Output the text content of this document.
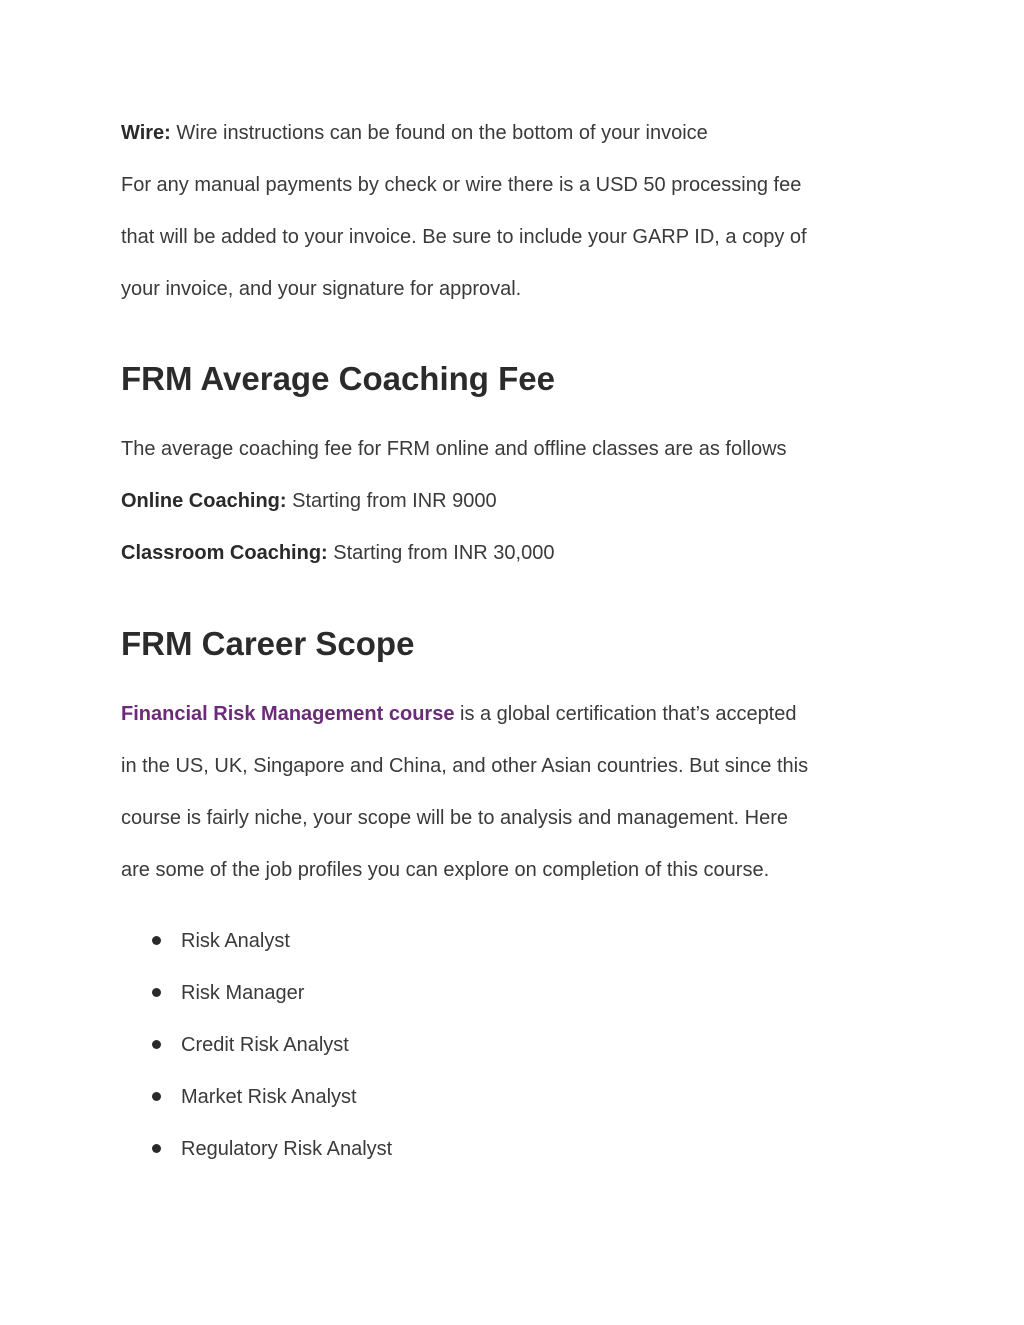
Wire: Wire instructions can be found on the bottom of your invoice

For any manual payments by check or wire there is a USD 50 processing fee

that will be added to your invoice. Be sure to include your GARP ID, a copy of

your invoice, and your signature for approval.

FRM Average Coaching Fee

The average coaching fee for FRM online and offline classes are as follows

Online Coaching: Starting from INR 9000

Classroom Coaching: Starting from INR 30,000

FRM Career Scope

Financial Risk Management course is a global certification that’s accepted

in the US, UK, Singapore and China, and other Asian countries. But since this

course is fairly niche, your scope will be to analysis and management. Here

are some of the job profiles you can explore on completion of this course.

Risk Analyst
Risk Manager
Credit Risk Analyst
Market Risk Analyst
Regulatory Risk Analyst
